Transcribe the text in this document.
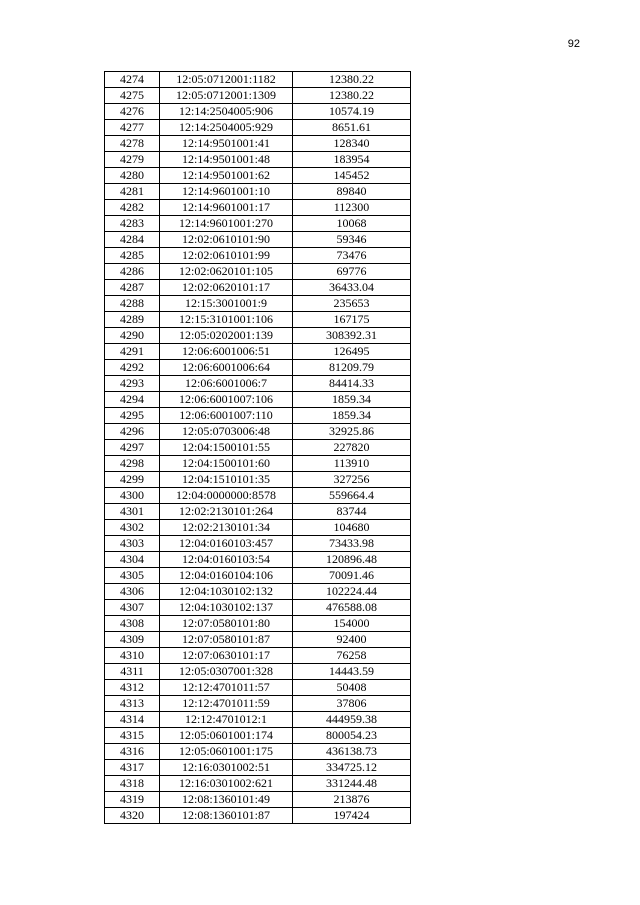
92
4274	12:05:0712001:1182	12380.22
4275	12:05:0712001:1309	12380.22
4276	12:14:2504005:906	10574.19
4277	12:14:2504005:929	8651.61
4278	12:14:9501001:41	128340
4279	12:14:9501001:48	183954
4280	12:14:9501001:62	145452
4281	12:14:9601001:10	89840
4282	12:14:9601001:17	112300
4283	12:14:9601001:270	10068
4284	12:02:0610101:90	59346
4285	12:02:0610101:99	73476
4286	12:02:0620101:105	69776
4287	12:02:0620101:17	36433.04
4288	12:15:3001001:9	235653
4289	12:15:3101001:106	167175
4290	12:05:0202001:139	308392.31
4291	12:06:6001006:51	126495
4292	12:06:6001006:64	81209.79
4293	12:06:6001006:7	84414.33
4294	12:06:6001007:106	1859.34
4295	12:06:6001007:110	1859.34
4296	12:05:0703006:48	32925.86
4297	12:04:1500101:55	227820
4298	12:04:1500101:60	113910
4299	12:04:1510101:35	327256
4300	12:04:0000000:8578	559664.4
4301	12:02:2130101:264	83744
4302	12:02:2130101:34	104680
4303	12:04:0160103:457	73433.98
4304	12:04:0160103:54	120896.48
4305	12:04:0160104:106	70091.46
4306	12:04:1030102:132	102224.44
4307	12:04:1030102:137	476588.08
4308	12:07:0580101:80	154000
4309	12:07:0580101:87	92400
4310	12:07:0630101:17	76258
4311	12:05:0307001:328	14443.59
4312	12:12:4701011:57	50408
4313	12:12:4701011:59	37806
4314	12:12:4701012:1	444959.38
4315	12:05:0601001:174	800054.23
4316	12:05:0601001:175	436138.73
4317	12:16:0301002:51	334725.12
4318	12:16:0301002:621	331244.48
4319	12:08:1360101:49	213876
4320	12:08:1360101:87	197424
